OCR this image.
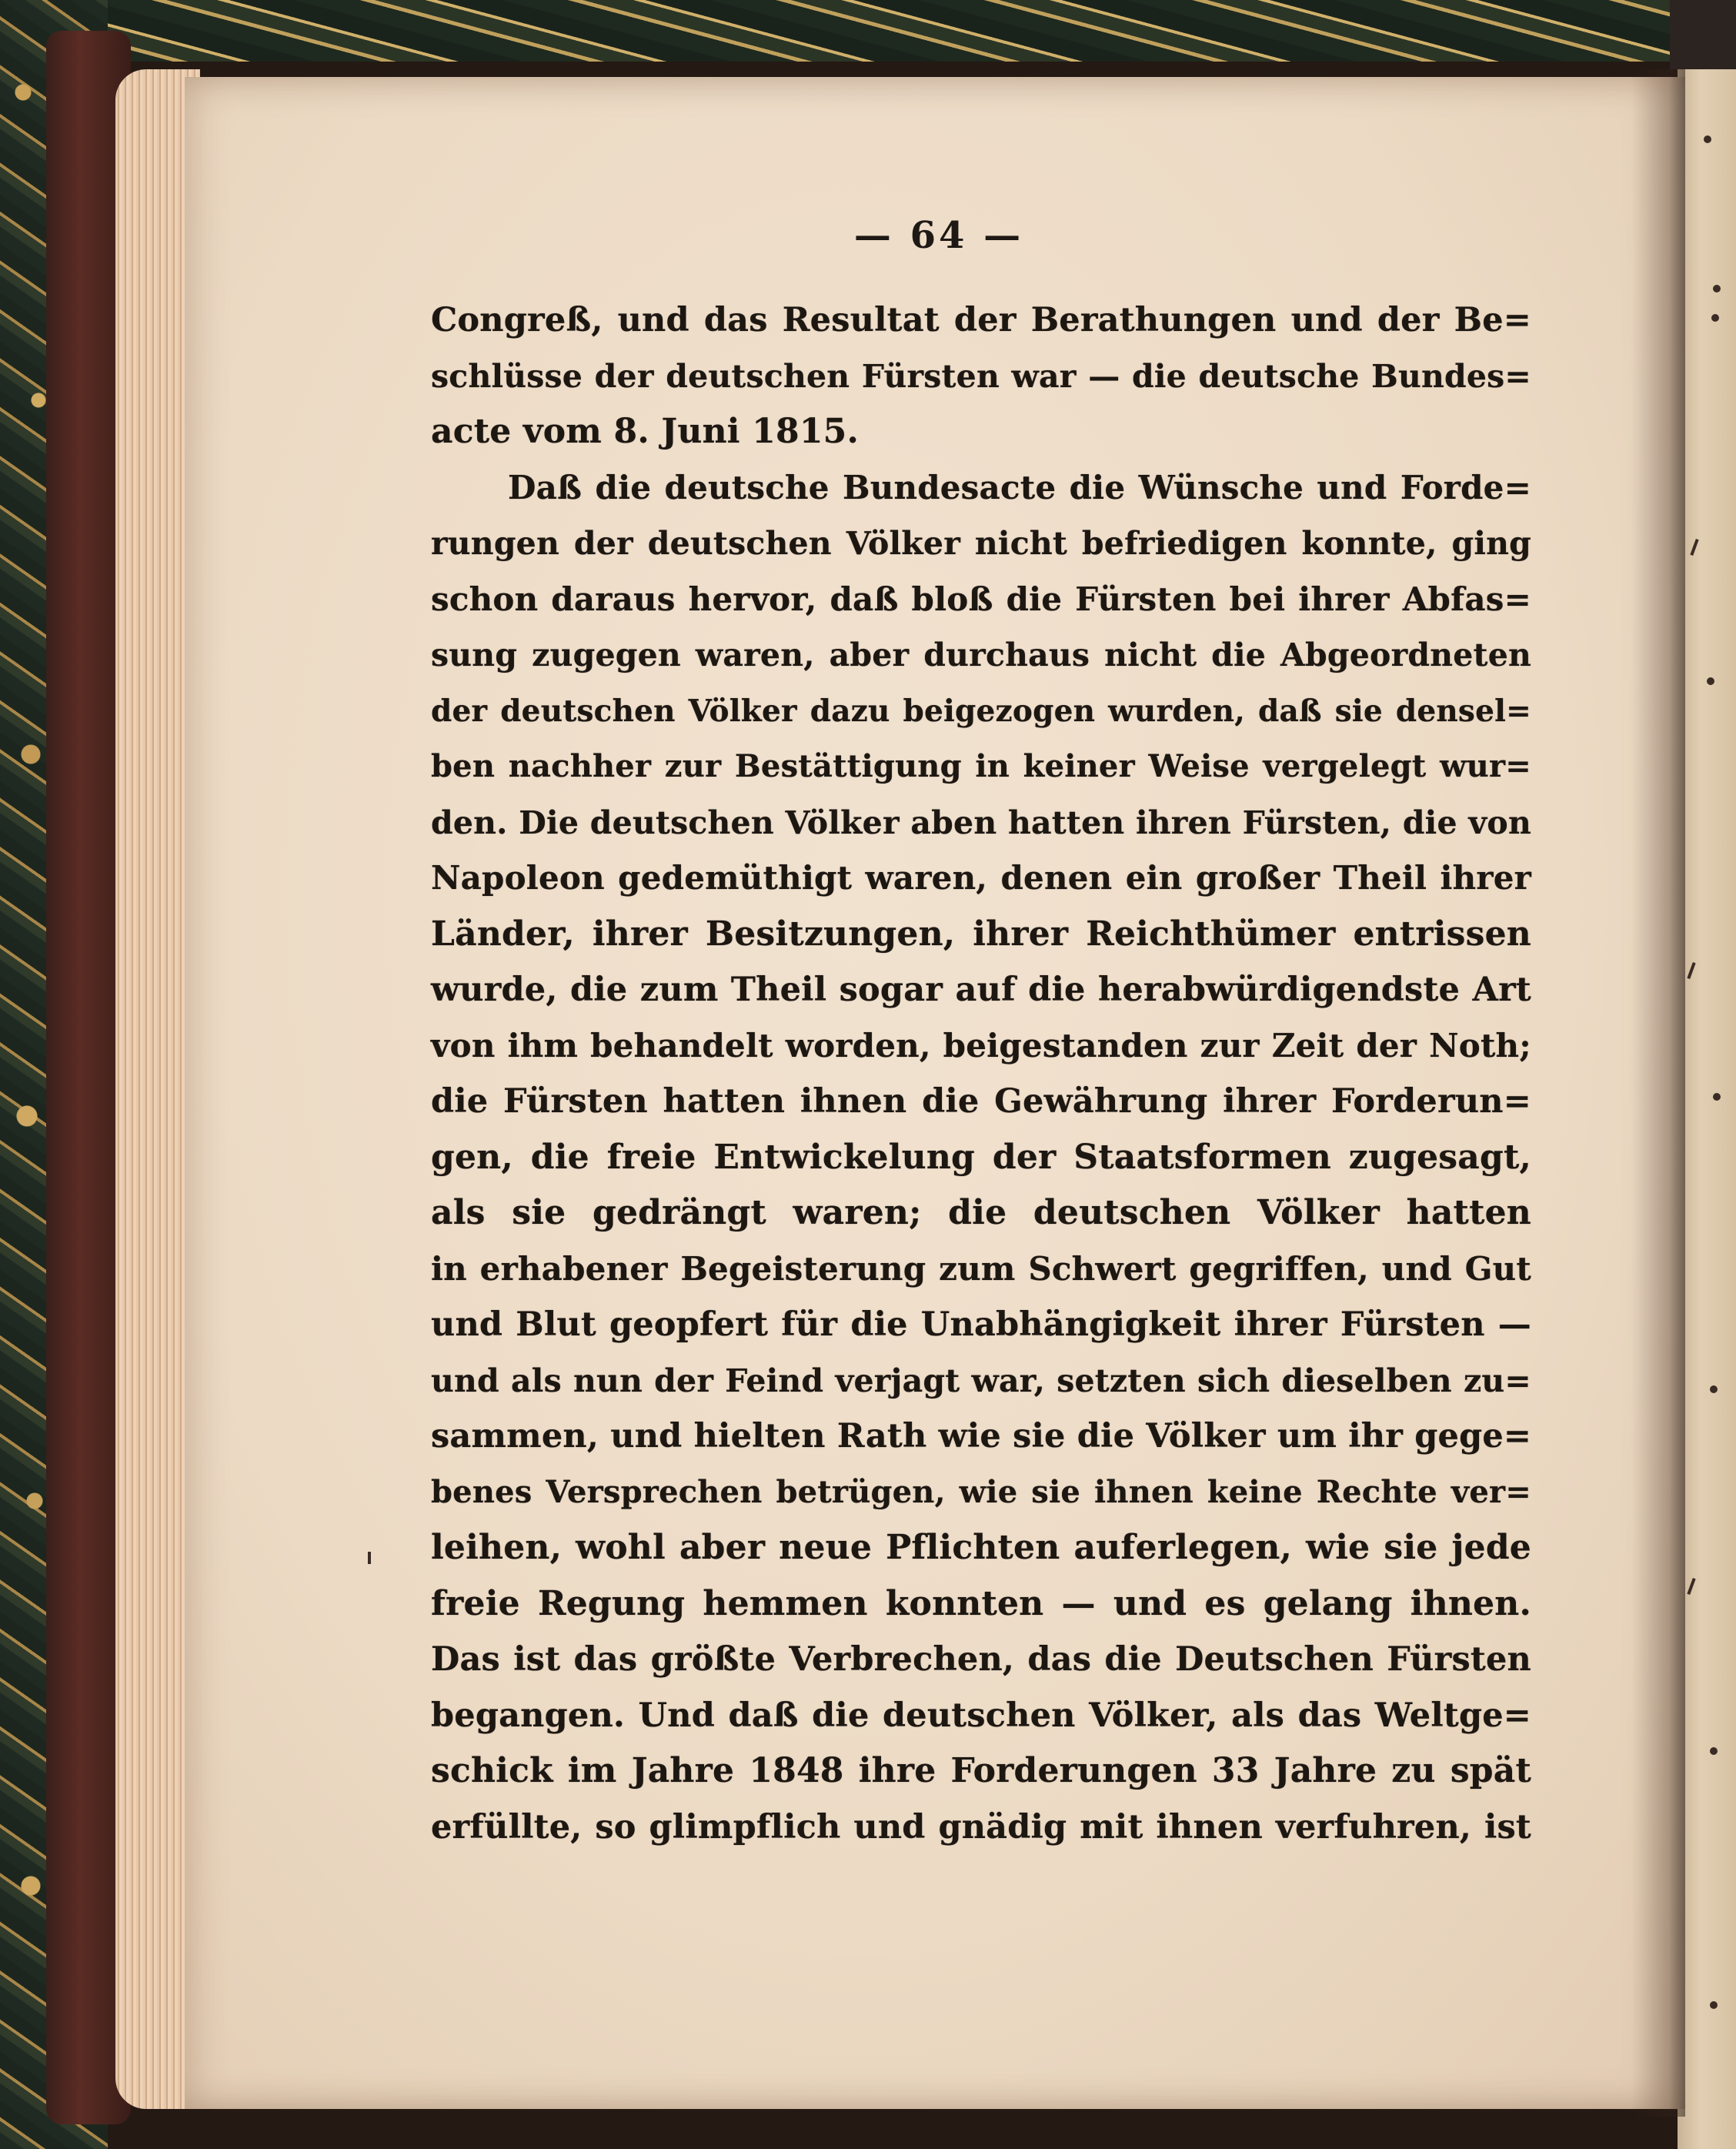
— 64 —
Congreß, und das Resultat der Berathungen und der Be=
schlüsse der deutschen Fürsten war — die deutsche Bundes=
acte vom 8. Juni 1815.
Daß die deutsche Bundesacte die Wünsche und Forde=
rungen der deutschen Völker nicht befriedigen konnte, ging
schon daraus hervor, daß bloß die Fürsten bei ihrer Abfas=
sung zugegen waren, aber durchaus nicht die Abgeordneten
der deutschen Völker dazu beigezogen wurden, daß sie densel=
ben nachher zur Bestättigung in keiner Weise vergelegt wur=
den. Die deutschen Völker aben hatten ihren Fürsten, die von
Napoleon gedemüthigt waren, denen ein großer Theil ihrer
Länder, ihrer Besitzungen, ihrer Reichthümer entrissen
wurde, die zum Theil sogar auf die herabwürdigendste Art
von ihm behandelt worden, beigestanden zur Zeit der Noth;
die Fürsten hatten ihnen die Gewährung ihrer Forderun=
gen, die freie Entwickelung der Staatsformen zugesagt,
als sie gedrängt waren; die deutschen Völker hatten
in erhabener Begeisterung zum Schwert gegriffen, und Gut
und Blut geopfert für die Unabhängigkeit ihrer Fürsten —
und als nun der Feind verjagt war, setzten sich dieselben zu=
sammen, und hielten Rath wie sie die Völker um ihr gege=
benes Versprechen betrügen, wie sie ihnen keine Rechte ver=
leihen, wohl aber neue Pflichten auferlegen, wie sie jede
freie Regung hemmen konnten — und es gelang ihnen.
Das ist das größte Verbrechen, das die Deutschen Fürsten
begangen. Und daß die deutschen Völker, als das Weltge=
schick im Jahre 1848 ihre Forderungen 33 Jahre zu spät
erfüllte, so glimpflich und gnädig mit ihnen verfuhren, ist
